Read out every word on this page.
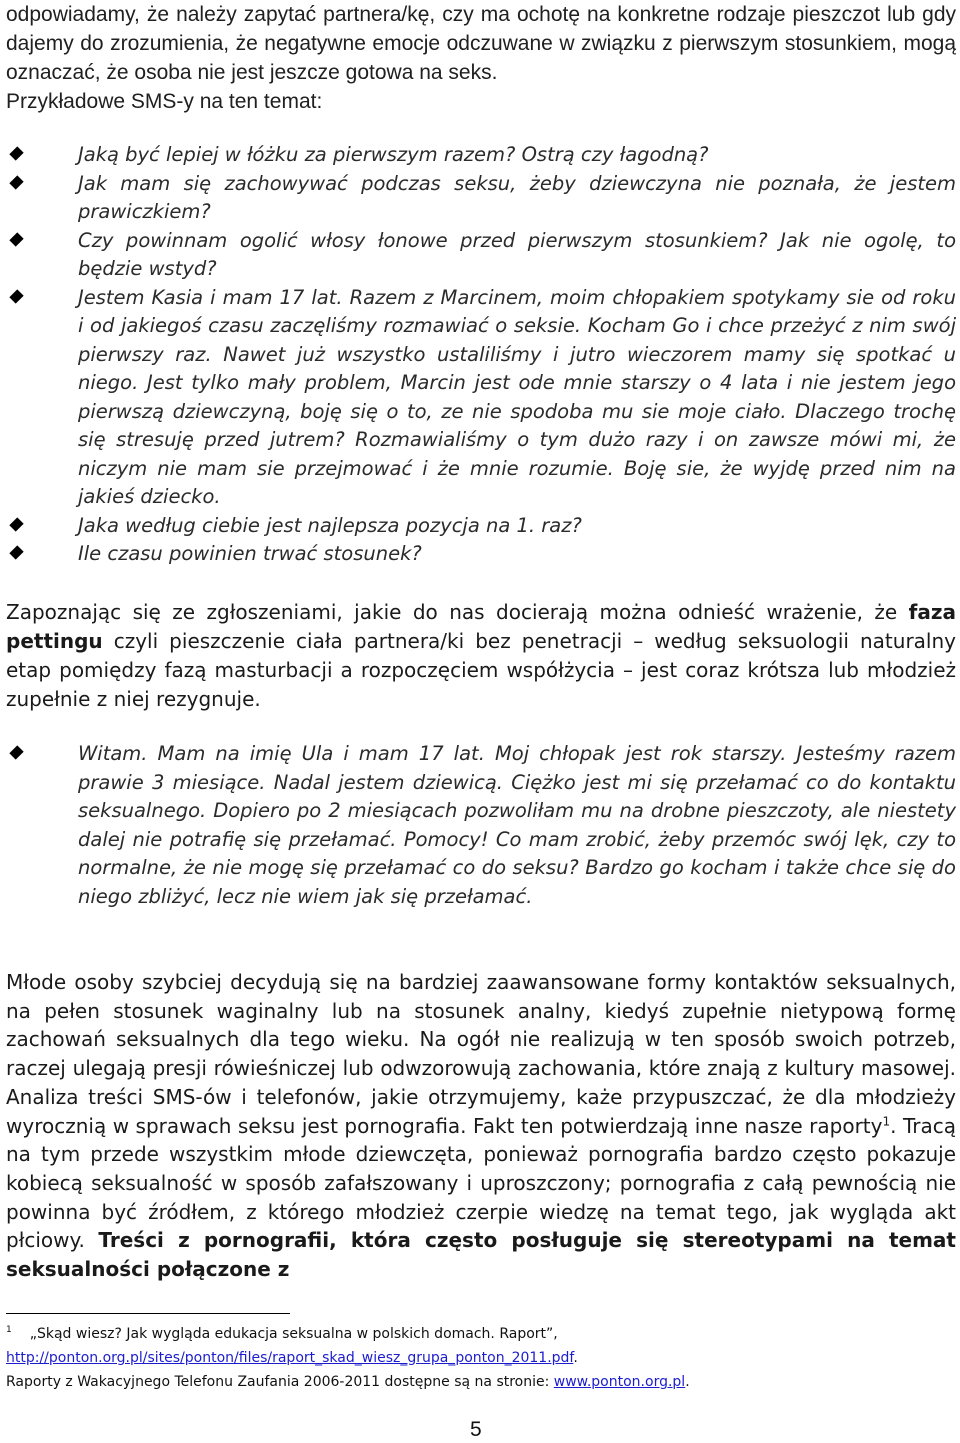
odpowiadamy, że należy zapytać partnera/kę, czy ma ochotę na konkretne rodzaje pieszczot lub gdy dajemy do zrozumienia, że negatywne emocje odczuwane w związku z pierwszym stosunkiem, mogą oznaczać, że osoba nie jest jeszcze gotowa na seks.

Przykładowe SMS-y na ten temat:

Jaką być lepiej w łóżku za pierwszym razem? Ostrą czy łagodną?
Jak mam się zachowywać podczas seksu, żeby dziewczyna nie poznała, że jestem prawiczkiem?
Czy powinnam ogolić włosy łonowe przed pierwszym stosunkiem? Jak nie ogolę, to będzie wstyd?
Jestem Kasia i mam 17 lat. Razem z Marcinem, moim chłopakiem spotykamy sie od roku i od jakiegoś czasu zaczęliśmy rozmawiać o seksie. Kocham Go i chce przeżyć z nim swój pierwszy raz. Nawet już wszystko ustaliliśmy i jutro wieczorem mamy się spotkać u niego. Jest tylko mały problem, Marcin jest ode mnie starszy o 4 lata i nie jestem jego pierwszą dziewczyną, boję się o to, ze nie spodoba mu sie moje ciało. Dlaczego trochę się stresuję przed jutrem? Rozmawialiśmy o tym dużo razy i on zawsze mówi mi, że niczym nie mam sie przejmować i że mnie rozumie. Boję sie, że wyjdę przed nim na jakieś dziecko.
Jaka według ciebie jest najlepsza pozycja na 1. raz?
Ile czasu powinien trwać stosunek?

Zapoznając się ze zgłoszeniami, jakie do nas docierają można odnieść wrażenie, że faza pettingu czyli pieszczenie ciała partnera/ki bez penetracji – według seksuologii naturalny etap pomiędzy fazą masturbacji a rozpoczęciem współżycia – jest coraz krótsza lub młodzież zupełnie z niej rezygnuje.

Witam. Mam na imię Ula i mam 17 lat. Moj chłopak jest rok starszy. Jesteśmy razem prawie 3 miesiące. Nadal jestem dziewicą. Ciężko jest mi się przełamać co do kontaktu seksualnego. Dopiero po 2 miesiącach pozwoliłam mu na drobne pieszczoty, ale niestety dalej nie potrafię się przełamać. Pomocy! Co mam zrobić, żeby przemóc swój lęk, czy to normalne, że nie mogę się przełamać co do seksu? Bardzo go kocham i także chce się do niego zbliżyć, lecz nie wiem jak się przełamać.

Młode osoby szybciej decydują się na bardziej zaawansowane formy kontaktów seksualnych, na pełen stosunek waginalny lub na stosunek analny, kiedyś zupełnie nietypową formę zachowań seksualnych dla tego wieku. Na ogół nie realizują w ten sposób swoich potrzeb, raczej ulegają presji rówieśniczej lub odwzorowują zachowania, które znają z kultury masowej. Analiza treści SMS-ów i telefonów, jakie otrzymujemy, każe przypuszczać, że dla młodzieży wyrocznią w sprawach seksu jest pornografia. Fakt ten potwierdzają inne nasze raporty$^1$. Tracą na tym przede wszystkim młode dziewczęta, ponieważ pornografia bardzo często pokazuje kobiecą seksualność w sposób zafałszowany i uproszczony; pornografia z całą pewnością nie powinna być źródłem, z którego młodzież czerpie wiedzę na temat tego, jak wygląda akt płciowy. Treści z pornografii, która często posługuje się stereotypami na temat seksualności połączone z

$^1$ „Skąd wiesz? Jak wygląda edukacja seksualna w polskich domach. Raport”,
http://ponton.org.pl/sites/ponton/files/raport_skad_wiesz_grupa_ponton_2011.pdf.
Raporty z Wakacyjnego Telefonu Zaufania 2006-2011 dostępne są na stronie: www.ponton.org.pl.
5
